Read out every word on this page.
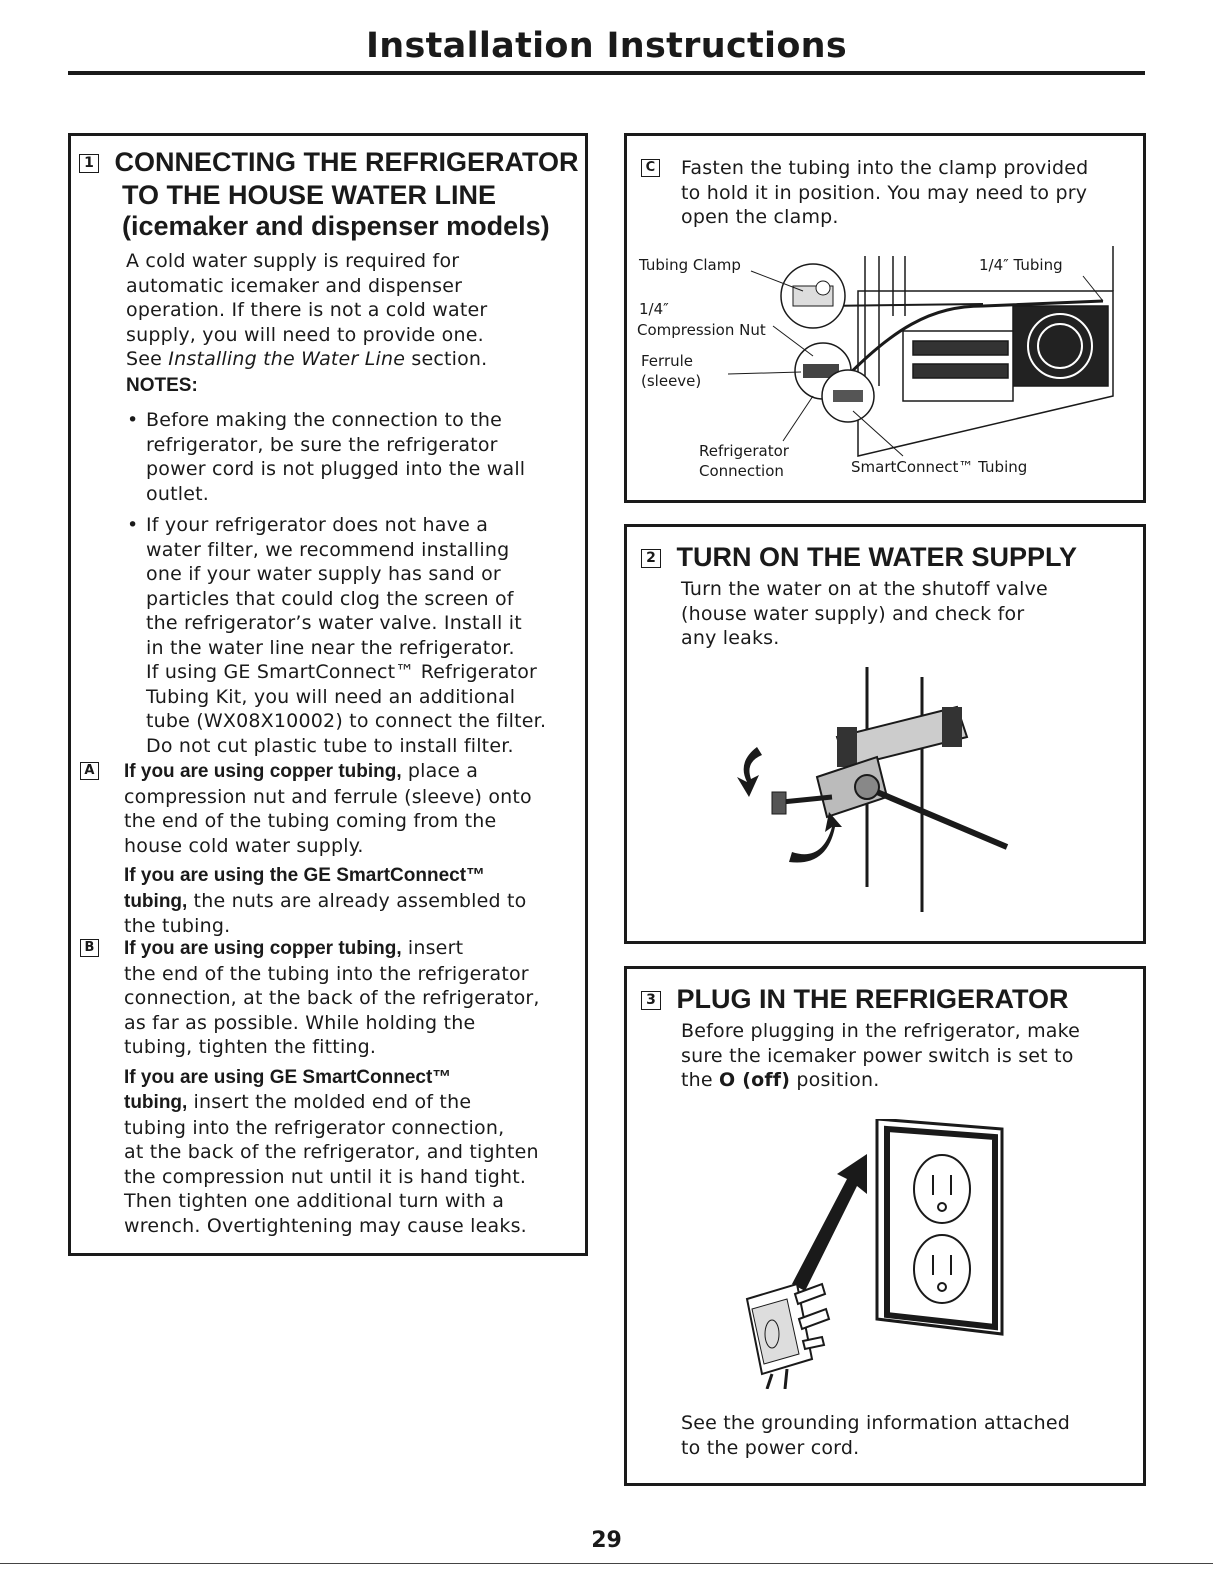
Installation Instructions
1 CONNECTING THE REFRIGERATOR
TO THE HOUSE WATER LINE
(icemaker and dispenser models)
A cold water supply is required for
automatic icemaker and dispenser
operation. If there is not a cold water
supply, you will need to provide one.
See Installing the Water Line section.
NOTES:
• Before making the connection to the
refrigerator, be sure the refrigerator
power cord is not plugged into the wall
outlet.
• If your refrigerator does not have a
water filter, we recommend installing
one if your water supply has sand or
particles that could clog the screen of
the refrigerator’s water valve. Install it
in the water line near the refrigerator.
If using GE SmartConnect™ Refrigerator
Tubing Kit, you will need an additional
tube (WX08X10002) to connect the filter.
Do not cut plastic tube to install filter.
A If you are using copper tubing, place a
compression nut and ferrule (sleeve) onto
the end of the tubing coming from the
house cold water supply.
If you are using the GE SmartConnect™
tubing, the nuts are already assembled to
the tubing.
B If you are using copper tubing, insert
the end of the tubing into the refrigerator
connection, at the back of the refrigerator,
as far as possible. While holding the
tubing, tighten the fitting.
If you are using GE SmartConnect™
tubing, insert the molded end of the
tubing into the refrigerator connection,
at the back of the refrigerator, and tighten
the compression nut until it is hand tight.
Then tighten one additional turn with a
wrench. Overtightening may cause leaks.
C Fasten the tubing into the clamp provided
to hold it in position. You may need to pry
open the clamp.
Tubing Clamp
1/4″
Compression Nut
Ferrule
(sleeve)
Refrigerator
Connection	SmartConnect™ Tubing
1/4″ Tubing
2 TURN ON THE WATER SUPPLY
Turn the water on at the shutoff valve
(house water supply) and check for
any leaks.
3 PLUG IN THE REFRIGERATOR
Before plugging in the refrigerator, make
sure the icemaker power switch is set to
the O (off) position.
See the grounding information attached
to the power cord.
29
